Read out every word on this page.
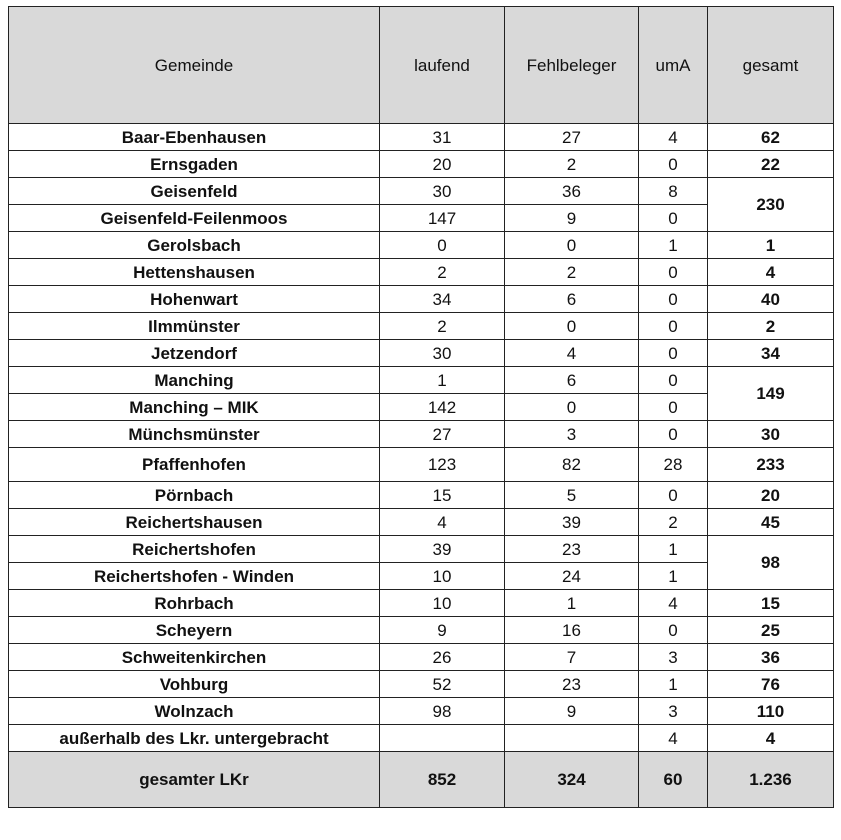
Gemeinde	laufend	Fehlbeleger	umA	gesamt
Baar-Ebenhausen	31	27	4	62
Ernsgaden	20	2	0	22
Geisenfeld	30	36	8	230
Geisenfeld-Feilenmoos	147	9	0	
Gerolsbach	0	0	1	1
Hettenshausen	2	2	0	4
Hohenwart	34	6	0	40
Ilmmünster	2	0	0	2
Jetzendorf	30	4	0	34
Manching	1	6	0	149
Manching – MIK	142	0	0	
Münchsmünster	27	3	0	30
Pfaffenhofen	123	82	28	233
Pörnbach	15	5	0	20
Reichertshausen	4	39	2	45
Reichertshofen	39	23	1	98
Reichertshofen - Winden	10	24	1	
Rohrbach	10	1	4	15
Scheyern	9	16	0	25
Schweitenkirchen	26	7	3	36
Vohburg	52	23	1	76
Wolnzach	98	9	3	110
außerhalb des Lkr. untergebracht			4	4
gesamter LKr	852	324	60	1.236
